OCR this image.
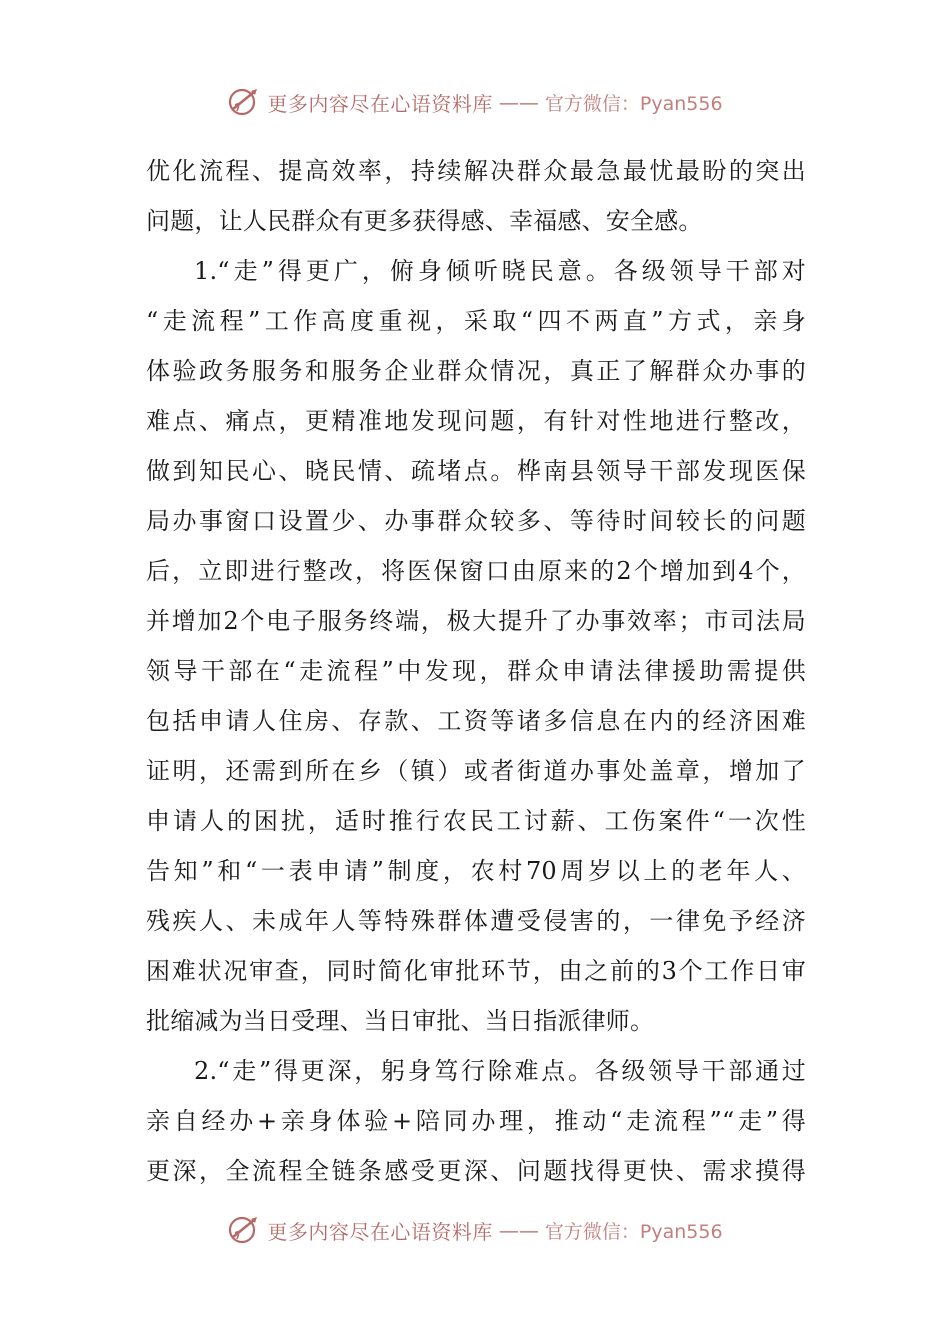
更多内容尽在心语资料库 —— 官方微信：Pyan556
优化流程、提高效率，持续解决群众最急最忧最盼的突出
问题，让人民群众有更多获得感、幸福感、安全感。
1.“走”得更广，俯身倾听晓民意。各级领导干部对
“走流程”工作高度重视，采取“四不两直”方式，亲身
体验政务服务和服务企业群众情况，真正了解群众办事的
难点、痛点，更精准地发现问题，有针对性地进行整改，
做到知民心、晓民情、疏堵点。桦南县领导干部发现医保
局办事窗口设置少、办事群众较多、等待时间较长的问题
后，立即进行整改，将医保窗口由原来的2个增加到4个，
并增加2个电子服务终端，极大提升了办事效率；市司法局
领导干部在“走流程”中发现，群众申请法律援助需提供
包括申请人住房、存款、工资等诸多信息在内的经济困难
证明，还需到所在乡（镇）或者街道办事处盖章，增加了
申请人的困扰，适时推行农民工讨薪、工伤案件“一次性
告知”和“一表申请”制度，农村70周岁以上的老年人、
残疾人、未成年人等特殊群体遭受侵害的，一律免予经济
困难状况审查，同时简化审批环节，由之前的3个工作日审
批缩减为当日受理、当日审批、当日指派律师。
2.“走”得更深，躬身笃行除难点。各级领导干部通过
亲自经办+亲身体验+陪同办理，推动“走流程”“走”得
更深，全流程全链条感受更深、问题找得更快、需求摸得
更多内容尽在心语资料库 —— 官方微信：Pyan556
